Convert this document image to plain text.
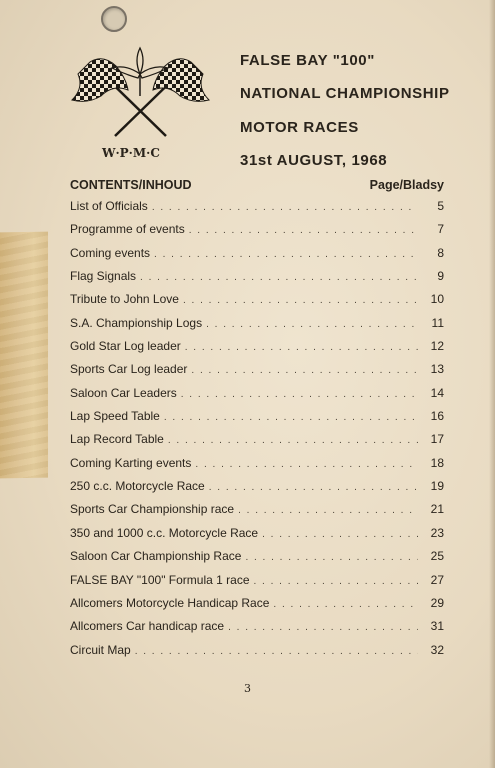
W·P·M·C
FALSE BAY "100"
NATIONAL CHAMPIONSHIP
MOTOR RACES
31st AUGUST, 1968
CONTENTS/INHOUD	Page/Bladsy
List of Officials . . .	5
Programme of events . . .	7
Coming events . . .	8
Flag Signals . . .	9
Tribute to John Love . . .	10
S.A. Championship Logs . . .	11
Gold Star Log leader . . .	12
Sports Car Log leader . . .	13
Saloon Car Leaders . . .	14
Lap Speed Table . . .	16
Lap Record Table . . .	17
Coming Karting events . . .	18
250 c.c. Motorcycle Race . . .	19
Sports Car Championship race . . .	21
350 and 1000 c.c. Motorcycle Race . . .	23
Saloon Car Championship Race . . .	25
FALSE BAY "100" Formula 1 race . . .	27
Allcomers Motorcycle Handicap Race . . .	29
Allcomers Car handicap race . . .	31
Circuit Map . . .	32
3
